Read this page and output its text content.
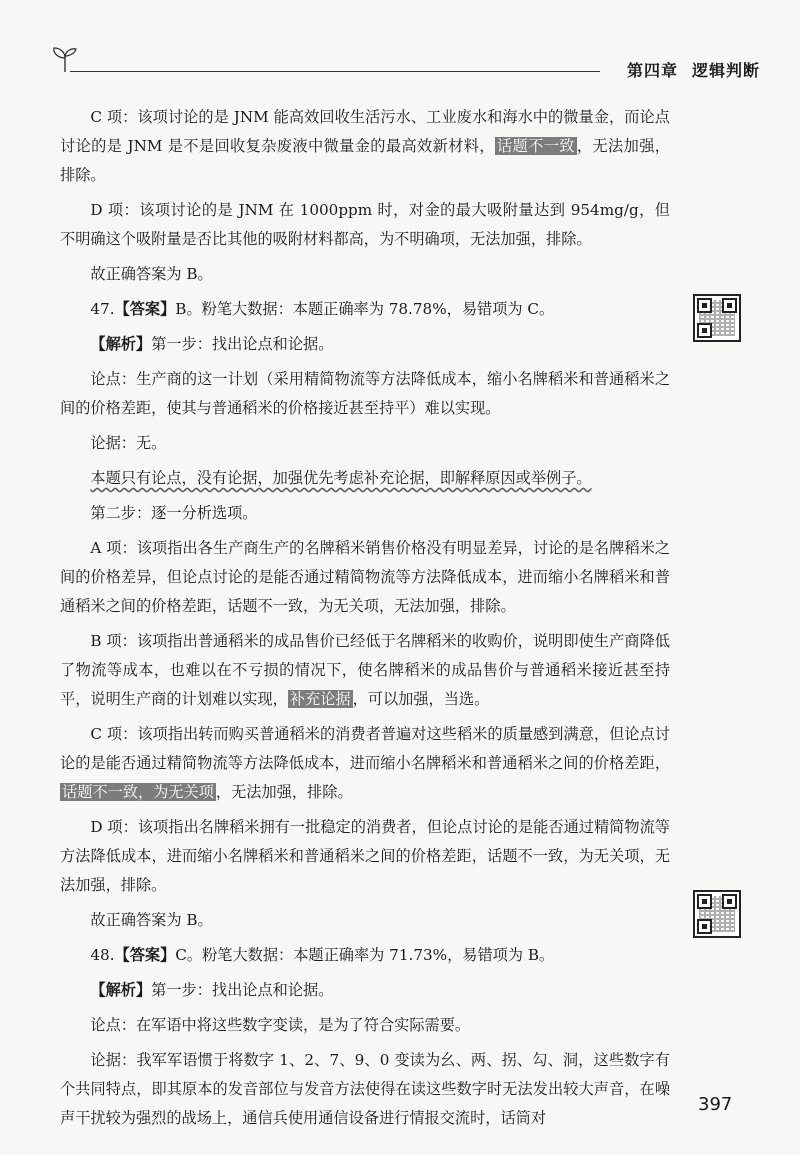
第四章 逻辑判断

C 项：该项讨论的是 JNM 能高效回收生活污水、工业废水和海水中的微量金，而论点讨论的是 JNM 是不是回收复杂废液中微量金的最高效新材料， 话题不一致 ，无法加强，排除。

D 项：该项讨论的是 JNM 在 1000ppm 时，对金的最大吸附量达到 954mg/g，但不明确这个吸附量是否比其他的吸附材料都高，为不明确项，无法加强，排除。

故正确答案为 B。

47.【答案】B。粉笔大数据：本题正确率为 78.78%，易错项为 C。

【解析】第一步：找出论点和论据。

论点：生产商的这一计划（采用精简物流等方法降低成本，缩小名牌稻米和普通稻米之间的价格差距，使其与普通稻米的价格接近甚至持平）难以实现。

论据：无。

本题只有论点，没有论据，加强优先考虑补充论据，即解释原因或举例子。

第二步：逐一分析选项。

A 项：该项指出各生产商生产的名牌稻米销售价格没有明显差异，讨论的是名牌稻米之间的价格差异，但论点讨论的是能否通过精简物流等方法降低成本，进而缩小名牌稻米和普通稻米之间的价格差距，话题不一致，为无关项，无法加强，排除。

B 项：该项指出普通稻米的成品售价已经低于名牌稻米的收购价，说明即使生产商降低了物流等成本，也难以在不亏损的情况下，使名牌稻米的成品售价与普通稻米接近甚至持平，说明生产商的计划难以实现， 补充论据 ，可以加强，当选。

C 项：该项指出转而购买普通稻米的消费者普遍对这些稻米的质量感到满意，但论点讨论的是能否通过精简物流等方法降低成本，进而缩小名牌稻米和普通稻米之间的价格差距，话题不一致，为无关项 ，无法加强，排除。

D 项：该项指出名牌稻米拥有一批稳定的消费者，但论点讨论的是能否通过精简物流等方法降低成本，进而缩小名牌稻米和普通稻米之间的价格差距，话题不一致，为无关项，无法加强，排除。

故正确答案为 B。

48.【答案】C。粉笔大数据：本题正确率为 71.73%，易错项为 B。

【解析】第一步：找出论点和论据。

论点：在军语中将这些数字变读，是为了符合实际需要。

论据：我军军语惯于将数字 1、2、7、9、0 变读为幺、两、拐、勾、洞，这些数字有个共同特点，即其原本的发音部位与发音方法使得在读这些数字时无法发出较大声音，在噪声干扰较为强烈的战场上，通信兵使用通信设备进行情报交流时，话筒对

397
